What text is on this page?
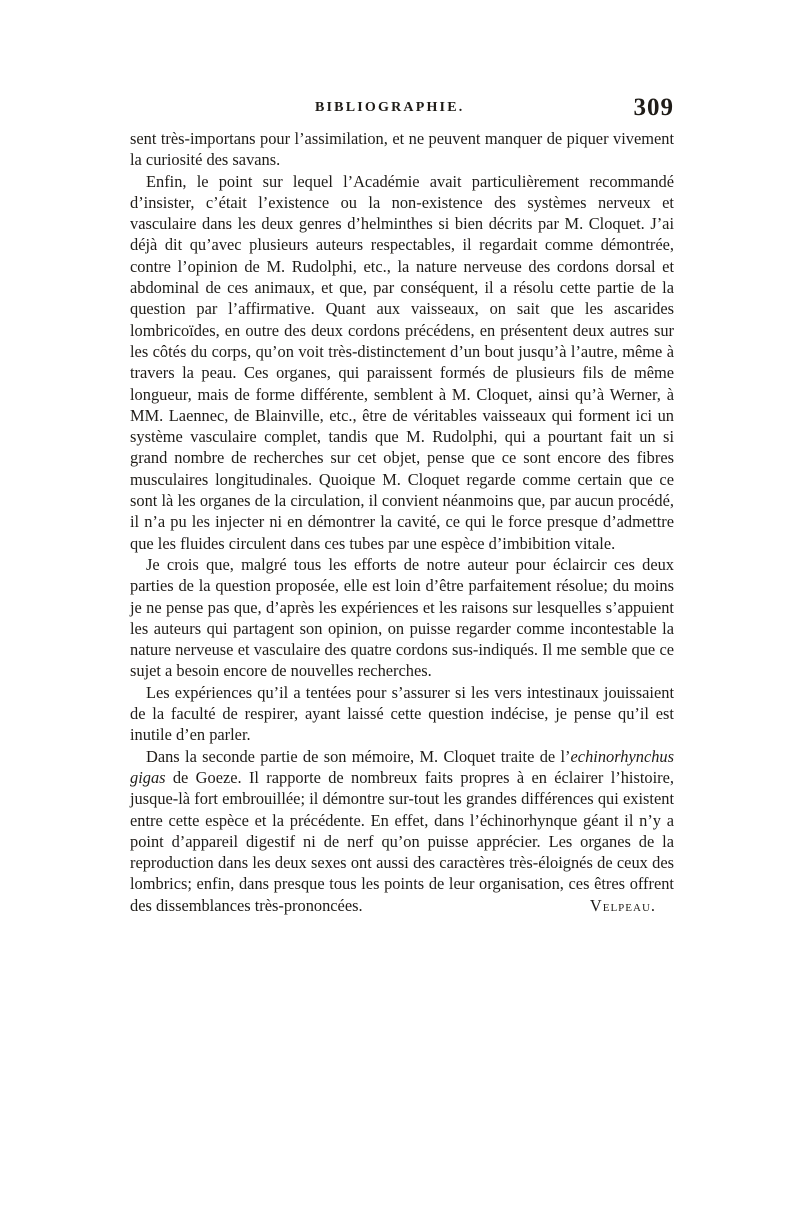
BIBLIOGRAPHIE.	309

sent très-importans pour l’assimilation, et ne peuvent manquer de piquer vivement la curiosité des savans.

Enfin, le point sur lequel l’Académie avait particulièrement recommandé d’insister, c’était l’existence ou la non-existence des systèmes nerveux et vasculaire dans les deux genres d’helminthes si bien décrits par M. Cloquet. J’ai déjà dit qu’avec plusieurs auteurs respectables, il regardait comme démontrée, contre l’opinion de M. Rudolphi, etc., la nature nerveuse des cordons dorsal et abdominal de ces animaux, et que, par conséquent, il a résolu cette partie de la question par l’affirmative. Quant aux vaisseaux, on sait que les ascarides lombricoïdes, en outre des deux cordons précédens, en présentent deux autres sur les côtés du corps, qu’on voit très-distinctement d’un bout jusqu’à l’autre, même à travers la peau. Ces organes, qui paraissent formés de plusieurs fils de même longueur, mais de forme différente, semblent à M. Cloquet, ainsi qu’à Werner, à MM. Laennec, de Blainville, etc., être de véritables vaisseaux qui forment ici un système vasculaire complet, tandis que M. Rudolphi, qui a pourtant fait un si grand nombre de recherches sur cet objet, pense que ce sont encore des fibres musculaires longitudinales. Quoique M. Cloquet regarde comme certain que ce sont là les organes de la circulation, il convient néanmoins que, par aucun procédé, il n’a pu les injecter ni en démontrer la cavité, ce qui le force presque d’admettre que les fluides circulent dans ces tubes par une espèce d’imbibition vitale.

Je crois que, malgré tous les efforts de notre auteur pour éclaircir ces deux parties de la question proposée, elle est loin d’être parfaitement résolue; du moins je ne pense pas que, d’après les expériences et les raisons sur lesquelles s’appuient les auteurs qui partagent son opinion, on puisse regarder comme incontestable la nature nerveuse et vasculaire des quatre cordons sus-indiqués. Il me semble que ce sujet a besoin encore de nouvelles recherches.

Les expériences qu’il a tentées pour s’assurer si les vers intestinaux jouissaient de la faculté de respirer, ayant laissé cette question indécise, je pense qu’il est inutile d’en parler.

Dans la seconde partie de son mémoire, M. Cloquet traite de l’echinorhynchus gigas de Goeze. Il rapporte de nombreux faits propres à en éclairer l’histoire, jusque-là fort embrouillée; il démontre sur-tout les grandes différences qui existent entre cette espèce et la précédente. En effet, dans l’échinorhynque géant il n’y a point d’appareil digestif ni de nerf qu’on puisse apprécier. Les organes de la reproduction dans les deux sexes ont aussi des caractères très-éloignés de ceux des lombrics; enfin, dans presque tous les points de leur organisation, ces êtres offrent des dissemblances très-prononcées.	Velpeau.
